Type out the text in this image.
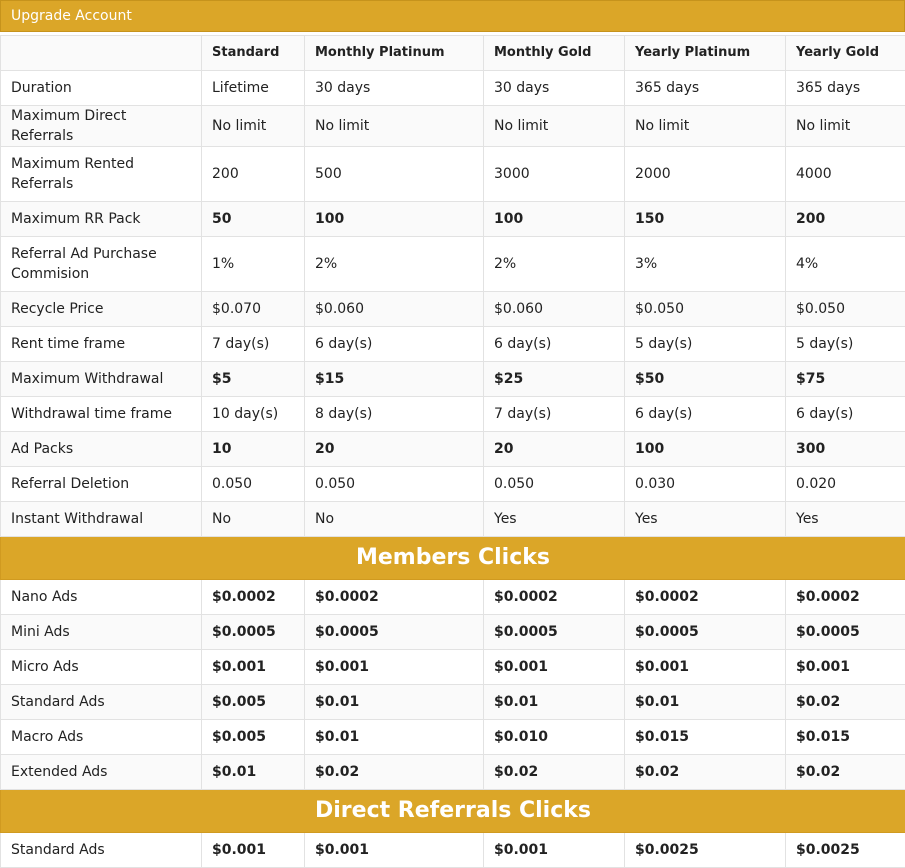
Upgrade Account
	Standard	Monthly Platinum	Monthly Gold	Yearly Platinum	Yearly Gold
Duration	Lifetime	30 days	30 days	365 days	365 days
Maximum Direct Referrals	No limit	No limit	No limit	No limit	No limit
Maximum Rented Referrals	200	500	3000	2000	4000
Maximum RR Pack	50	100	100	150	200
Referral Ad Purchase Commision	1%	2%	2%	3%	4%
Recycle Price	$0.070	$0.060	$0.060	$0.050	$0.050
Rent time frame	7 day(s)	6 day(s)	6 day(s)	5 day(s)	5 day(s)
Maximum Withdrawal	$5	$15	$25	$50	$75
Withdrawal time frame	10 day(s)	8 day(s)	7 day(s)	6 day(s)	6 day(s)
Ad Packs	10	20	20	100	300
Referral Deletion	0.050	0.050	0.050	0.030	0.020
Instant Withdrawal	No	No	Yes	Yes	Yes
Members Clicks					
Nano Ads	$0.0002	$0.0002	$0.0002	$0.0002	$0.0002
Mini Ads	$0.0005	$0.0005	$0.0005	$0.0005	$0.0005
Micro Ads	$0.001	$0.001	$0.001	$0.001	$0.001
Standard Ads	$0.005	$0.01	$0.01	$0.01	$0.02
Macro Ads	$0.005	$0.01	$0.010	$0.015	$0.015
Extended Ads	$0.01	$0.02	$0.02	$0.02	$0.02
Direct Referrals Clicks					
Standard Ads	$0.001	$0.001	$0.001	$0.0025	$0.0025
